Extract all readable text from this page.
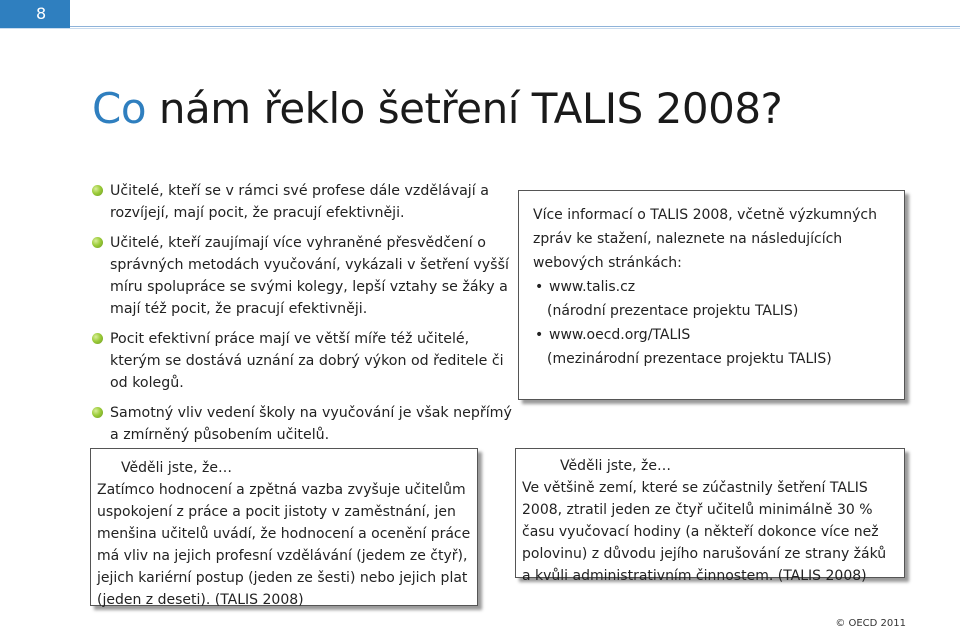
8
Co nám řeklo šetření TALIS 2008?
Učitelé, kteří se v rámci své profese dále vzdělávají a rozvíjejí, mají pocit, že pracují efektivněji.
Učitelé, kteří zaujímají více vyhraněné přesvědčení o správných metodách vyučování, vykázali v šetření vyšší míru spolupráce se svými kolegy, lepší vztahy se žáky a mají též pocit, že pracují efektivněji.
Pocit efektivní práce mají ve větší míře též učitelé, kterým se dostává uznání za dobrý výkon od ředitele či od kolegů.
Samotný vliv vedení školy na vyučování je však nepřímý a zmírněný působením učitelů.
Více informací o TALIS 2008, včetně výzkumných zpráv ke stažení, naleznete na následujících webových stránkách:
• www.talis.cz
(národní prezentace projektu TALIS)
• www.oecd.org/TALIS
(mezinárodní prezentace projektu TALIS)
Věděli jste, že…
Zatímco hodnocení a zpětná vazba zvyšuje učitelům uspokojení z práce a pocit jistoty v zaměstnání, jen menšina učitelů uvádí, že hodnocení a ocenění práce má vliv na jejich profesní vzdělávání (jedem ze čtyř), jejich kariérní postup (jeden ze šesti) nebo jejich plat (jeden z deseti). (TALIS 2008)
Věděli jste, že…
Ve většině zemí, které se zúčastnily šetření TALIS 2008, ztratil jeden ze čtyř učitelů minimálně 30 % času vyučovací hodiny (a někteří dokonce více než polovinu) z důvodu jejího narušování ze strany žáků a kvůli administrativním činnostem. (TALIS 2008)
© OECD 2011
